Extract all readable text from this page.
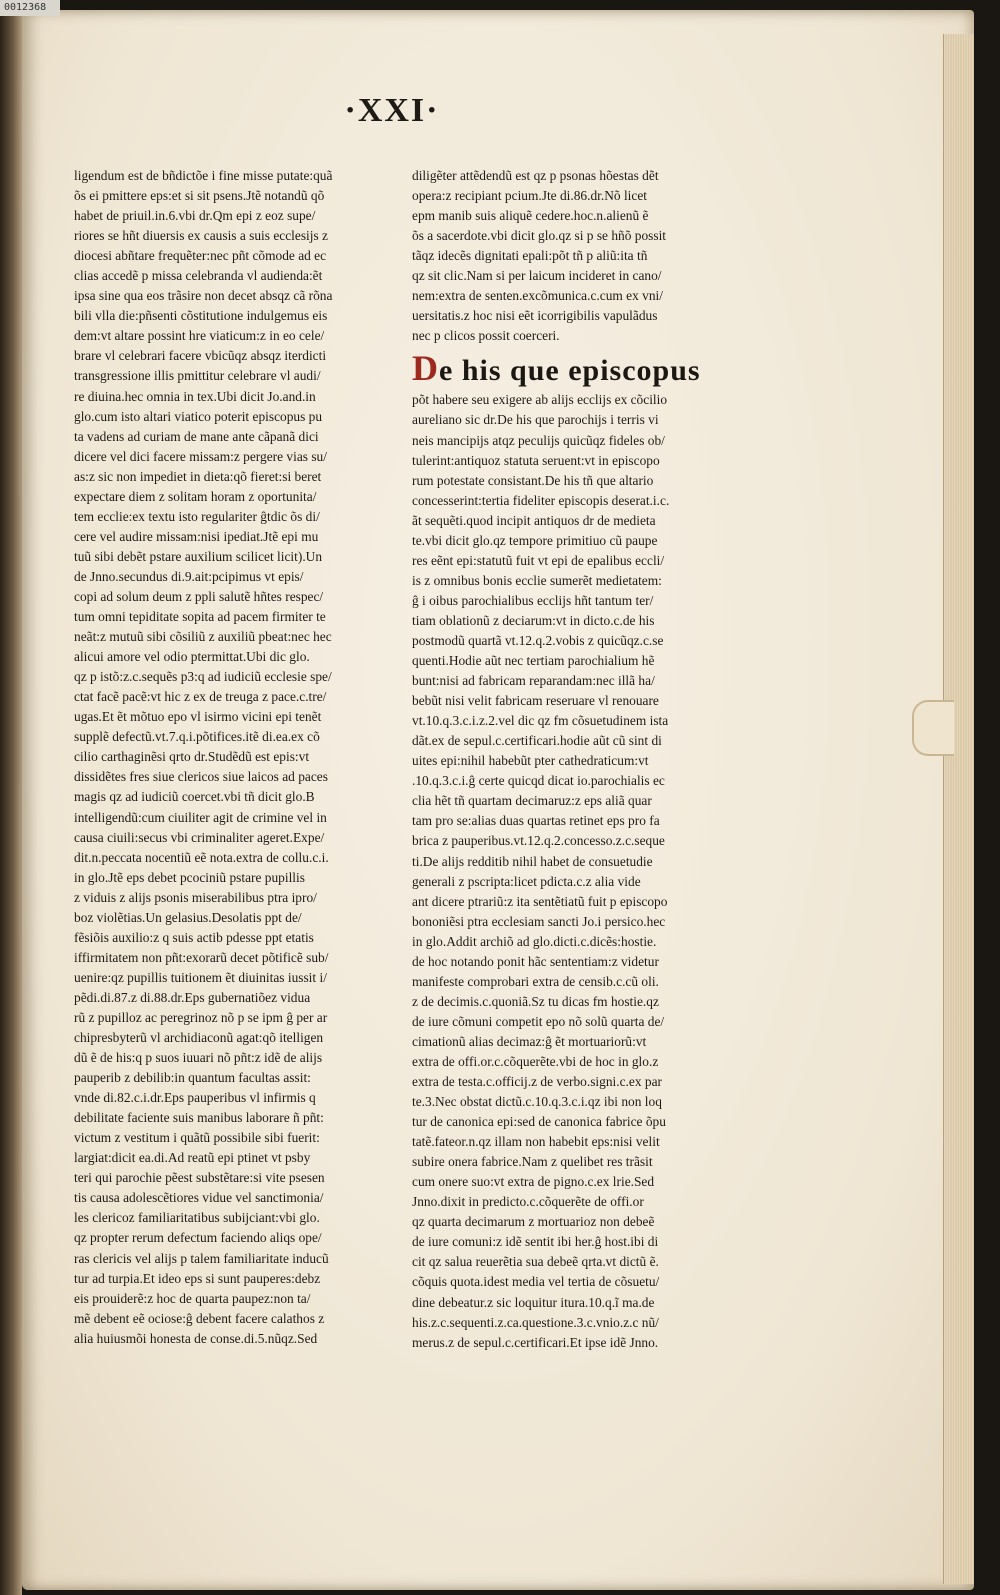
0012368
·XXI·
ligendum est de bñdictõe i fine misse putate:quã
õs ei pmittere eps:et si sit psens.Jtẽ notandũ qõ
habet de priuil.in.6.vbi dr.Qm epi z eoz supe/
riores se hñt diuersis ex causis a suis ecclesijs z
diocesi abñtare frequẽter:nec pñt cõmode ad ec
clias accedẽ p missa celebranda vl audienda:ẽt
ipsa sine qua eos trãsire non decet absqz cã rõna
bili vlla die:pñsenti cõstitutione indulgemus eis
dem:vt altare possint hre viaticum:z in eo cele/
brare vl celebrari facere vbicũqz absqz iterdicti
transgressione illis pmittitur celebrare vl audi/
re diuina.hec omnia in tex.Ubi dicit Jo.and.in
glo.cum isto altari viatico poterit episcopus pu
ta vadens ad curiam de mane ante cãpanã dici
dicere vel dici facere missam:z pergere vias su/
as:z sic non impediet in dieta:qõ fieret:si beret
expectare diem z solitam horam z oportunita/
tem ecclie:ex textu isto regulariter ĝtdic õs di/
cere vel audire missam:nisi ipediat.Jtẽ epi mu
tuũ sibi debẽt pstare auxilium scilicet licit).Un
de Jnno.secundus di.9.ait:pcipimus vt epis/
copi ad solum deum z ppli salutẽ hñtes respec/
tum omni tepiditate sopita ad pacem firmiter te
neãt:z mutuũ sibi cõsiliũ z auxiliũ pbeat:nec hec
alicui amore vel odio ptermittat.Ubi dic glo.
qz p istõ:z.c.sequẽs p3:q ad iudiciũ ecclesie spe/
ctat facẽ pacẽ:vt hic z ex de treuga z pace.c.tre/
ugas.Et ẽt mõtuo epo vl isirmo vicini epi tenẽt
supplẽ defectũ.vt.7.q.i.põtifices.itẽ di.ea.ex cõ
cilio carthaginẽsi qrto dr.Studẽdũ est epis:vt
dissidẽtes fres siue clericos siue laicos ad paces
magis qz ad iudiciũ coercet.vbi tñ dicit glo.B
intelligendũ:cum ciuiliter agit de crimine vel in
causa ciuili:secus vbi criminaliter ageret.Expe/
dit.n.peccata nocentiũ eẽ nota.extra de collu.c.i.
in glo.Jtẽ eps debet pcociniũ pstare pupillis
z viduis z alijs psonis miserabilibus ptra ipro/
boz violẽtias.Un gelasius.Desolatis ppt de/
fẽsiõis auxilio:z q suis actib pdesse ppt etatis
iffirmitatem non pñt:exorarũ decet põtificẽ sub/
uenire:qz pupillis tuitionem ẽt diuinitas iussit i/
pẽdi.di.87.z di.88.dr.Eps gubernatiõez vidua
rũ z pupilloz ac peregrinoz nõ p se ipm ĝ per ar
chipresbyterũ vl archidiaconũ agat:qõ itelligen
dũ ẽ de his:q p suos iuuari nõ pñt:z idẽ de alijs
pauperib z debilib:in quantum facultas assit:
vnde di.82.c.i.dr.Eps pauperibus vl infirmis q
debilitate faciente suis manibus laborare ñ pñt:
victum z vestitum i quãtũ possibile sibi fuerit:
largiat:dicit ea.di.Ad reatũ epi ptinet vt psby
teri qui parochie pẽest substẽtare:si vite psesen
tis causa adolescẽtiores vidue vel sanctimonia/
les clericoz familiaritatibus subijciant:vbi glo.
qz propter rerum defectum faciendo aliqs ope/
ras clericis vel alijs p talem familiaritate inducũ
tur ad turpia.Et ideo eps si sunt pauperes:debz
eis prouiderẽ:z hoc de quarta paupez:non ta/
mẽ debent eẽ ociose:ĝ debent facere calathos z
alia huiusmõi honesta de conse.di.5.nũqz.Sed
diligẽter attẽdendũ est qz p psonas hõestas dẽt
opera:z recipiant pcium.Jte di.86.dr.Nõ licet
epm manib suis aliquẽ cedere.hoc.n.alienũ ẽ
õs a sacerdote.vbi dicit glo.qz si p se hñõ possit
tãqz idecẽs dignitati epali:põt tñ p aliũ:ita tñ
qz sit clic.Nam si per laicum incideret in cano/
nem:extra de senten.excõmunica.c.cum ex vni/
uersitatis.z hoc nisi eẽt icorrigibilis vapulãdus
nec p clicos possit coerceri.
De his que episcopus
põt habere seu exigere ab alijs ecclijs ex cõcilio
aureliano sic dr.De his que parochijs i terris vi
neis mancipijs atqz peculijs quicũqz fideles ob/
tulerint:antiquoz statuta seruent:vt in episcopo
rum potestate consistant.De his tñ que altario
concesserint:tertia fideliter episcopis deserat.i.c.
ãt sequẽti.quod incipit antiquos dr de medieta
te.vbi dicit glo.qz tempore primitiuo cũ paupe
res eẽnt epi:statutũ fuit vt epi de epalibus eccli/
is z omnibus bonis ecclie sumerẽt medietatem:
ĝ i oibus parochialibus ecclijs hñt tantum ter/
tiam oblationũ z deciarum:vt in dicto.c.de his
postmodũ quartã vt.12.q.2.vobis z quicũqz.c.se
quenti.Hodie aũt nec tertiam parochialium hẽ
bunt:nisi ad fabricam reparandam:nec illã ha/
bebũt nisi velit fabricam reseruare vl renouare
vt.10.q.3.c.i.z.2.vel dic qz fm cõsuetudinem ista
dãt.ex de sepul.c.certificari.hodie aũt cũ sint di
uites epi:nihil habebũt pter cathedraticum:vt
.10.q.3.c.i.ĝ certe quicqd dicat io.parochialis ec
clia hẽt tñ quartam decimaruz:z eps aliã quar
tam pro se:alias duas quartas retinet eps pro fa
brica z pauperibus.vt.12.q.2.concesso.z.c.seque
ti.De alijs redditib nihil habet de consuetudie
generali z pscripta:licet pdicta.c.z alia vide
ant dicere ptrariũ:z ita sentẽtiatũ fuit p episcopo
bononiẽsi ptra ecclesiam sancti Jo.i persico.hec
in glo.Addit archiõ ad glo.dicti.c.dicẽs:hostie.
de hoc notando ponit hãc sententiam:z videtur
manifeste comprobari extra de censib.c.cũ oli.
z de decimis.c.quoniã.Sz tu dicas fm hostie.qz
de iure cõmuni competit epo nõ solũ quarta de/
cimationũ alias decimaz:ĝ ẽt mortuariorũ:vt
extra de offi.or.c.cõquerẽte.vbi de hoc in glo.z
extra de testa.c.officij.z de verbo.signi.c.ex par
te.3.Nec obstat dictũ.c.10.q.3.c.i.qz ibi non loq
tur de canonica epi:sed de canonica fabrice õpu
tatẽ.fateor.n.qz illam non habebit eps:nisi velit
subire onera fabrice.Nam z quelibet res trãsit
cum onere suo:vt extra de pigno.c.ex lrie.Sed
Jnno.dixit in predicto.c.cõquerẽte de offi.or
qz quarta decimarum z mortuarioz non debeẽ
de iure comuni:z idẽ sentit ibi her.ĝ host.ibi di
cit qz salua reuerẽtia sua debeẽ qrta.vt dictũ ẽ.
cõquis quota.idest media vel tertia de cõsuetu/
dine debeatur.z sic loquitur itura.10.q.ĩ ma.de
his.z.c.sequenti.z.ca.questione.3.c.vnio.z.c nũ/
merus.z de sepul.c.certificari.Et ipse idẽ Jnno.
